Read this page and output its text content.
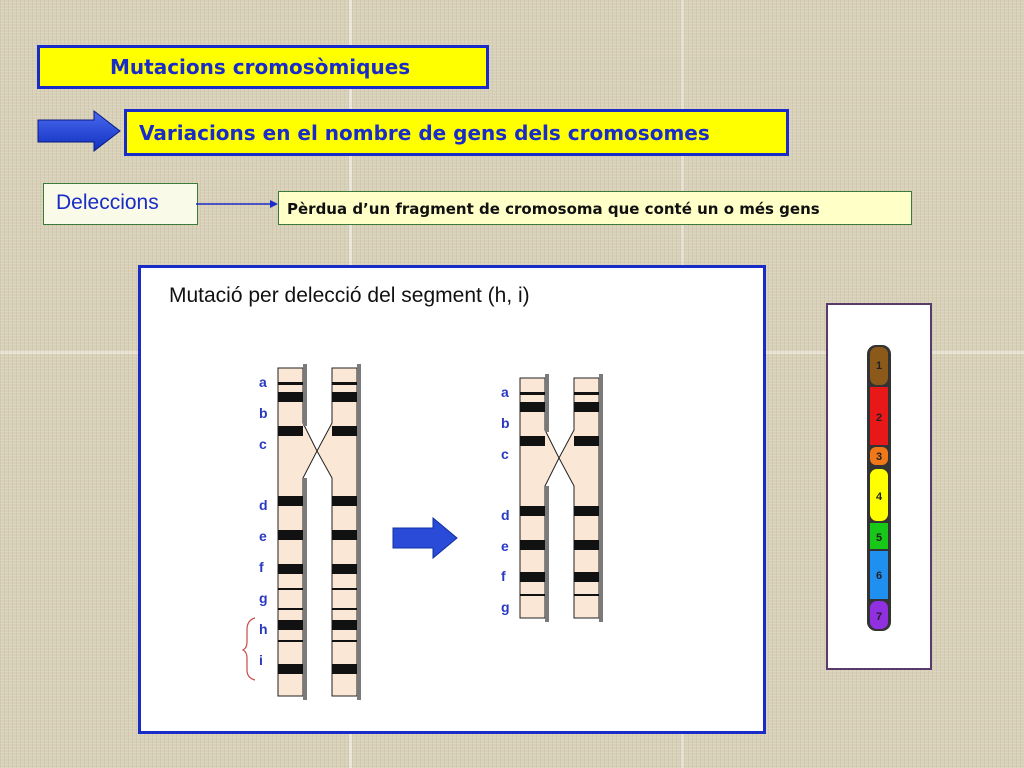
Mutacions cromosòmiques
Variacions en el nombre de gens dels cromosomes
Deleccions	Pèrdua d’un fragment de cromosoma que conté un o més gens
Mutació per delecció del segment (h, i)
a
b
c
d
e
f
g
h
i
a
b
c
d
e
f
g
1
2
3
4
5
6
7
